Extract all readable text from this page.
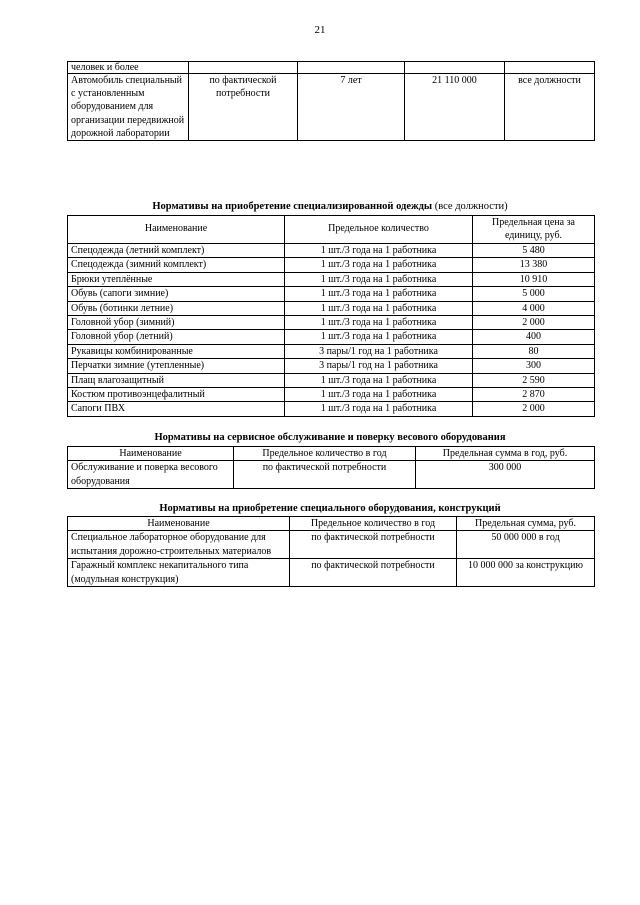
21
человек и более				
Автомобиль специальный с установленным оборудованием для организации передвижной дорожной лаборатории	по фактической потребности	7 лет	21 110 000	все должности
Нормативы на приобретение специализированной одежды (все должности)
Наименование	Предельное количество	Предельная цена за единицу, руб.
Спецодежда (летний комплект)	1 шт./3 года на 1 работника	5 480
Спецодежда (зимний комплект)	1 шт./3 года на 1 работника	13 380
Брюки утеплённые	1 шт./3 года на 1 работника	10 910
Обувь (сапоги зимние)	1 шт./3 года на 1 работника	5 000
Обувь (ботинки летние)	1 шт./3 года на 1 работника	4 000
Головной убор (зимний)	1 шт./3 года на 1 работника	2 000
Головной убор (летний)	1 шт./3 года на 1 работника	400
Рукавицы комбинированные	3 пары/1 год на 1 работника	80
Перчатки зимние (утепленные)	3 пары/1 год на 1 работника	300
Плащ влагозащитный	1 шт./3 года на 1 работника	2 590
Костюм противоэнцефалитный	1 шт./3 года на 1 работника	2 870
Сапоги ПВХ	1 шт./3 года на 1 работника	2 000
Нормативы на сервисное обслуживание и поверку весового оборудования
Наименование	Предельное количество в год	Предельная сумма в год, руб.
Обслуживание и поверка весового оборудования	по фактической потребности	300 000
Нормативы на приобретение специального оборудования, конструкций
Наименование	Предельное количество в год	Предельная сумма, руб.
Специальное лабораторное оборудование для испытания дорожно-строительных материалов	по фактической потребности	50 000 000 в год
Гаражный комплекс некапитального типа (модульная конструкция)	по фактической потребности	10 000 000 за конструкцию
